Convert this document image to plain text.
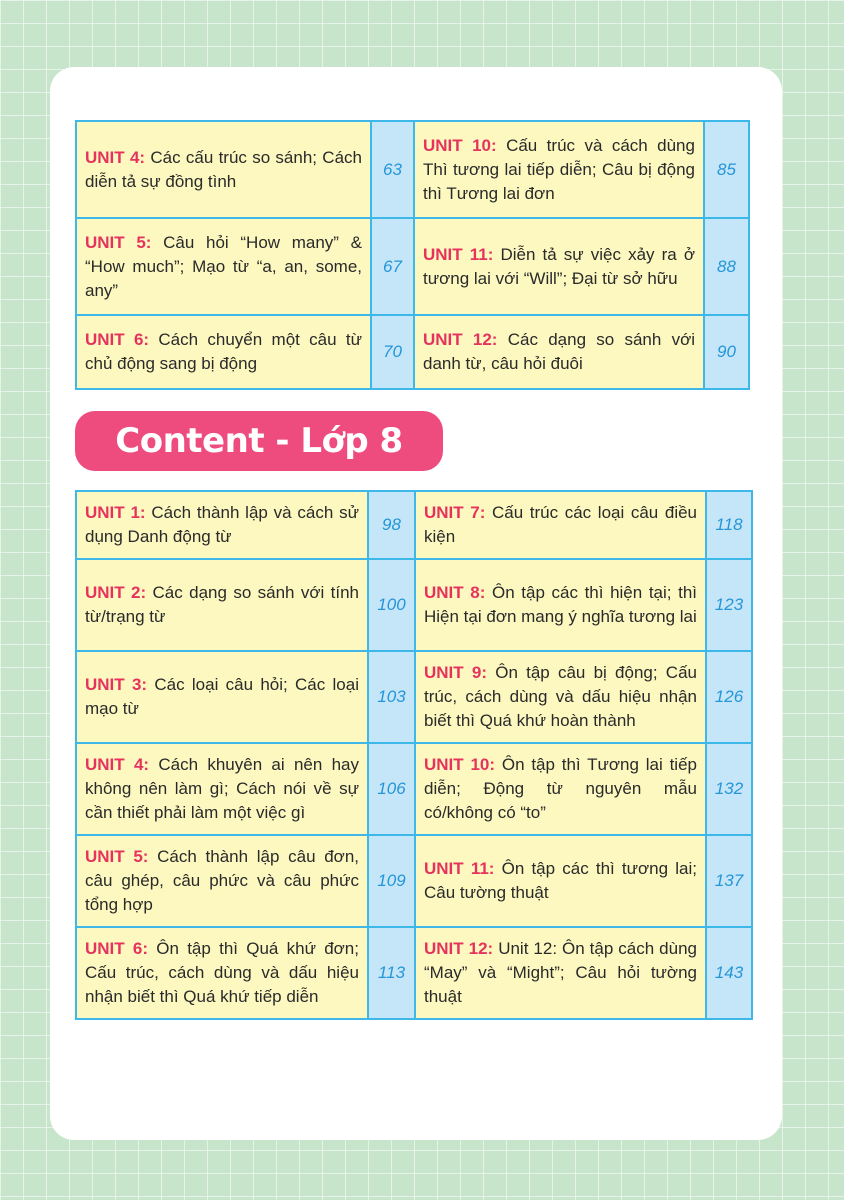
UNIT 4: Các cấu trúc so sánh; Cách diễn tả sự đồng tình	63	UNIT 10: Cấu trúc và cách dùng Thì tương lai tiếp diễn; Câu bị động thì Tương lai đơn	85
UNIT 5: Câu hỏi “How many” & “How much”; Mạo từ “a, an, some, any”	67	UNIT 11: Diễn tả sự việc xảy ra ở tương lai với “Will”; Đại từ sở hữu	88
UNIT 6: Cách chuyển một câu từ chủ động sang bị động	70	UNIT 12: Các dạng so sánh với danh từ, câu hỏi đuôi	90
Content - Lớp 8
UNIT 1: Cách thành lập và cách sử dụng Danh động từ	98	UNIT 7: Cấu trúc các loại câu điều kiện	118
UNIT 2: Các dạng so sánh với tính từ/trạng từ	100	UNIT 8: Ôn tập các thì hiện tại; thì Hiện tại đơn mang ý nghĩa tương lai	123
UNIT 3: Các loại câu hỏi; Các loại mạo từ	103	UNIT 9: Ôn tập câu bị động; Cấu trúc, cách dùng và dấu hiệu nhận biết thì Quá khứ hoàn thành	126
UNIT 4: Cách khuyên ai nên hay không nên làm gì; Cách nói về sự cần thiết phải làm một việc gì	106	UNIT 10: Ôn tập thì Tương lai tiếp diễn; Động từ nguyên mẫu có/không có “to”	132
UNIT 5: Cách thành lập câu đơn, câu ghép, câu phức và câu phức tổng hợp	109	UNIT 11: Ôn tập các thì tương lai; Câu tường thuật	137
UNIT 6: Ôn tập thì Quá khứ đơn; Cấu trúc, cách dùng và dấu hiệu nhận biết thì Quá khứ tiếp diễn	113	UNIT 12: Unit 12: Ôn tập cách dùng “May” và “Might”; Câu hỏi tường thuật	143
